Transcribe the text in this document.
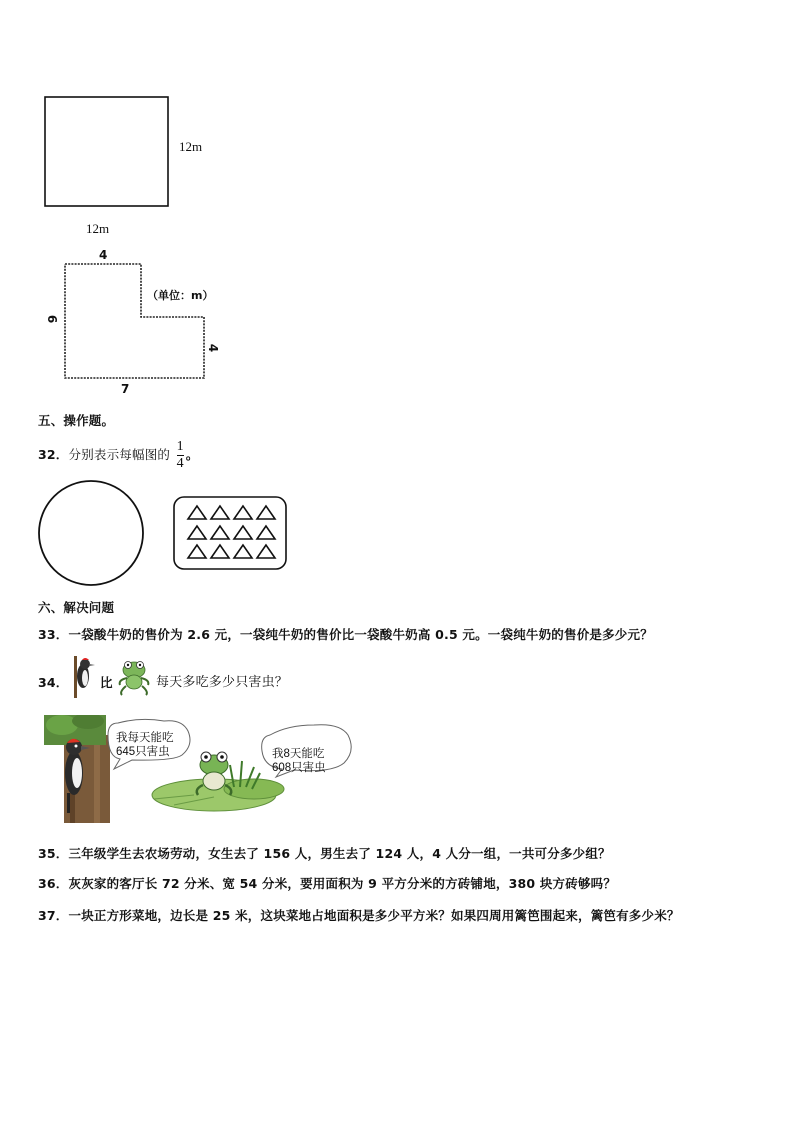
12m
12m
4
6
4
7
（单位：m）
五、操作题。
32．分别表示每幅图的 $\frac{1}{4}$ 。
六、解决问题
33．一袋酸牛奶的售价为 2.6 元，一袋纯牛奶的售价比一袋酸牛奶高 0.5 元。一袋纯牛奶的售价是多少元？
34．	比	每天多吃多少只害虫？
我每天能吃
645只害虫	我8天能吃
608只害虫
35．三年级学生去农场劳动，女生去了 156 人，男生去了 124 人，4 人分一组，一共可分多少组？
36．灰灰家的客厅长 72 分米、宽 54 分米，要用面积为 9 平方分米的方砖铺地，380 块方砖够吗？
37．一块正方形菜地，边长是 25 米，这块菜地占地面积是多少平方米？如果四周用篱笆围起来，篱笆有多少米？
